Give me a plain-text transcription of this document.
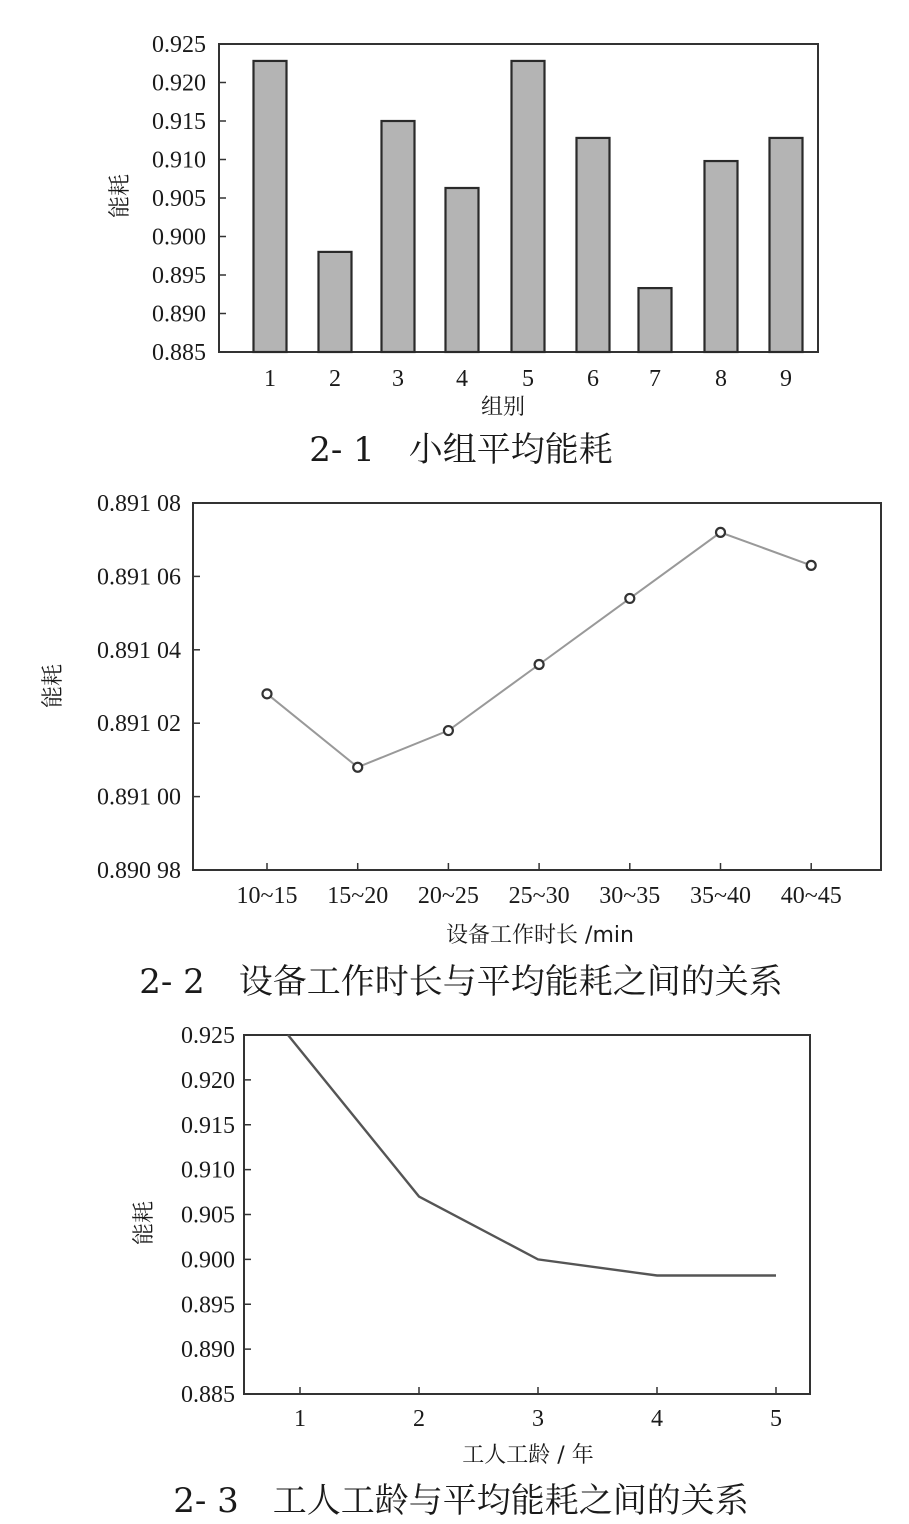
0.925
0.920
0.915
0.910
0.905
0.900
0.895
0.890
0.885
1 2 3 4 5 6 7 8 9
组别
能耗
2- 1　小组平均能耗
0.891 08
0.891 06
0.891 04
0.891 02
0.891 00
0.890 98
10~15 15~20 20~25 25~30 30~35 35~40 40~45
设备工作时长 /min
能耗
2- 2　设备工作时长与平均能耗之间的关系
0.925
0.920
0.915
0.910
0.905
0.900
0.895
0.890
0.885
1	2	3	4	5
工人工龄 / 年
能耗
2- 3　工人工龄与平均能耗之间的关系
